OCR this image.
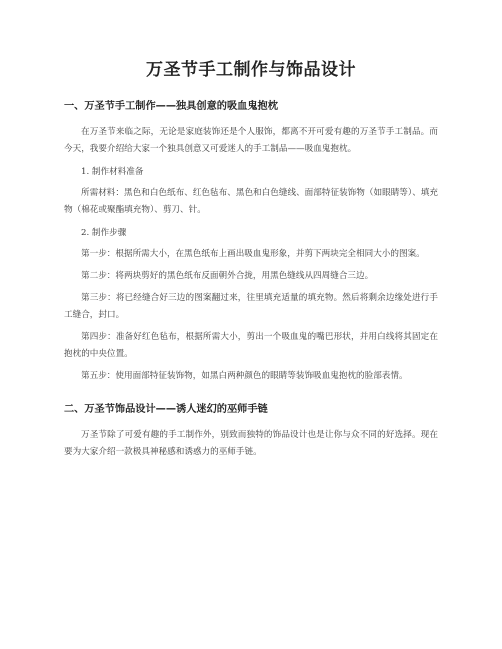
万圣节手工制作与饰品设计
一、万圣节手工制作——独具创意的吸血鬼抱枕

在万圣节来临之际，无论是家庭装饰还是个人服饰，都离不开可爱有趣的万圣节手工制品。而今天，我要介绍给大家一个独具创意又可爱迷人的手工制品——吸血鬼抱枕。

1. 制作材料准备

所需材料：黑色和白色纸布、红色毡布、黑色和白色缝线、面部特征装饰物（如眼睛等）、填充物（棉花或聚酯填充物）、剪刀、针。

2. 制作步骤

第一步：根据所需大小，在黑色纸布上画出吸血鬼形象，并剪下两块完全相同大小的图案。

第二步：将两块剪好的黑色纸布反面朝外合拢，用黑色缝线从四周缝合三边。

第三步：将已经缝合好三边的图案翻过来，往里填充适量的填充物。然后将剩余边缘处进行手工缝合，封口。

第四步：准备好红色毡布，根据所需大小，剪出一个吸血鬼的嘴巴形状，并用白线将其固定在抱枕的中央位置。

第五步：使用面部特征装饰物，如黑白两种颜色的眼睛等装饰吸血鬼抱枕的脸部表情。

二、万圣节饰品设计——诱人迷幻的巫师手链

万圣节除了可爱有趣的手工制作外，别致而独特的饰品设计也是让你与众不同的好选择。现在要为大家介绍一款极具神秘感和诱惑力的巫师手链。
